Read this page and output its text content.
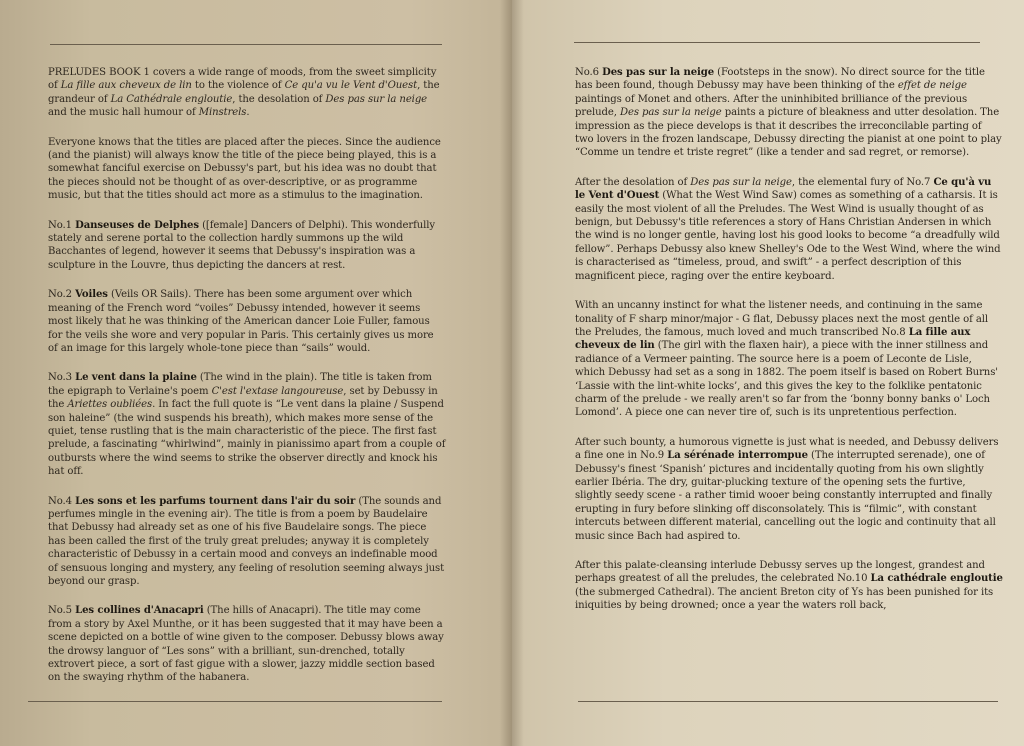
PRELUDES BOOK 1 covers a wide range of moods, from the sweet simplicity of La fille aux cheveux de lin to the violence of Ce qu'a vu le Vent d'Ouest, the grandeur of La Cathédrale engloutie, the desolation of Des pas sur la neige and the music hall humour of Minstrels.

Everyone knows that the titles are placed after the pieces. Since the audience (and the pianist) will always know the title of the piece being played, this is a somewhat fanciful exercise on Debussy's part, but his idea was no doubt that the pieces should not be thought of as over-descriptive, or as programme music, but that the titles should act more as a stimulus to the imagination.

No.1 Danseuses de Delphes ([female] Dancers of Delphi). This wonderfully stately and serene portal to the collection hardly summons up the wild Bacchantes of legend, however it seems that Debussy's inspiration was a sculpture in the Louvre, thus depicting the dancers at rest.

No.2 Voiles (Veils OR Sails). There has been some argument over which meaning of the French word “voiles” Debussy intended, however it seems most likely that he was thinking of the American dancer Loie Fuller, famous for the veils she wore and very popular in Paris. This certainly gives us more of an image for this largely whole-tone piece than “sails” would.

No.3 Le vent dans la plaine (The wind in the plain). The title is taken from the epigraph to Verlaine's poem C'est l'extase langoureuse, set by Debussy in the Ariettes oubliées. In fact the full quote is “Le vent dans la plaine / Suspend son haleine” (the wind suspends his breath), which makes more sense of the quiet, tense rustling that is the main characteristic of the piece. The first fast prelude, a fascinating “whirlwind”, mainly in pianissimo apart from a couple of outbursts where the wind seems to strike the observer directly and knock his hat off.

No.4 Les sons et les parfums tournent dans l'air du soir (The sounds and perfumes mingle in the evening air). The title is from a poem by Baudelaire that Debussy had already set as one of his five Baudelaire songs. The piece has been called the first of the truly great preludes; anyway it is completely characteristic of Debussy in a certain mood and conveys an indefinable mood of sensuous longing and mystery, any feeling of resolution seeming always just beyond our grasp.

No.5 Les collines d'Anacapri (The hills of Anacapri). The title may come from a story by Axel Munthe, or it has been suggested that it may have been a scene depicted on a bottle of wine given to the composer. Debussy blows away the drowsy languor of “Les sons” with a brilliant, sun-drenched, totally extrovert piece, a sort of fast gigue with a slower, jazzy middle section based on the swaying rhythm of the habanera.

No.6 Des pas sur la neige (Footsteps in the snow). No direct source for the title has been found, though Debussy may have been thinking of the effet de neige paintings of Monet and others. After the uninhibited brilliance of the previous prelude, Des pas sur la neige paints a picture of bleakness and utter desolation. The impression as the piece develops is that it describes the irreconcilable parting of two lovers in the frozen landscape, Debussy directing the pianist at one point to play “Comme un tendre et triste regret” (like a tender and sad regret, or remorse).

After the desolation of Des pas sur la neige, the elemental fury of No.7 Ce qu'à vu le Vent d'Ouest (What the West Wind Saw) comes as something of a catharsis. It is easily the most violent of all the Preludes. The West Wind is usually thought of as benign, but Debussy's title references a story of Hans Christian Andersen in which the wind is no longer gentle, having lost his good looks to become “a dreadfully wild fellow”. Perhaps Debussy also knew Shelley's Ode to the West Wind, where the wind is characterised as “timeless, proud, and swift” - a perfect description of this magnificent piece, raging over the entire keyboard.

With an uncanny instinct for what the listener needs, and continuing in the same tonality of F sharp minor/major - G flat, Debussy places next the most gentle of all the Preludes, the famous, much loved and much transcribed No.8 La fille aux cheveux de lin (The girl with the flaxen hair), a piece with the inner stillness and radiance of a Vermeer painting. The source here is a poem of Leconte de Lisle, which Debussy had set as a song in 1882. The poem itself is based on Robert Burns' ‘Lassie with the lint-white locks’, and this gives the key to the folklike pentatonic charm of the prelude - we really aren't so far from the ‘bonny bonny banks o' Loch Lomond’. A piece one can never tire of, such is its unpretentious perfection.

After such bounty, a humorous vignette is just what is needed, and Debussy delivers a fine one in No.9 La sérénade interrompue (The interrupted serenade), one of Debussy's finest ‘Spanish’ pictures and incidentally quoting from his own slightly earlier Ibéria. The dry, guitar-plucking texture of the opening sets the furtive, slightly seedy scene - a rather timid wooer being constantly interrupted and finally erupting in fury before slinking off disconsolately. This is “filmic”, with constant intercuts between different material, cancelling out the logic and continuity that all music since Bach had aspired to.

After this palate-cleansing interlude Debussy serves up the longest, grandest and perhaps greatest of all the preludes, the celebrated No.10 La cathédrale engloutie (the submerged Cathedral). The ancient Breton city of Ys has been punished for its iniquities by being drowned; once a year the waters roll back,
